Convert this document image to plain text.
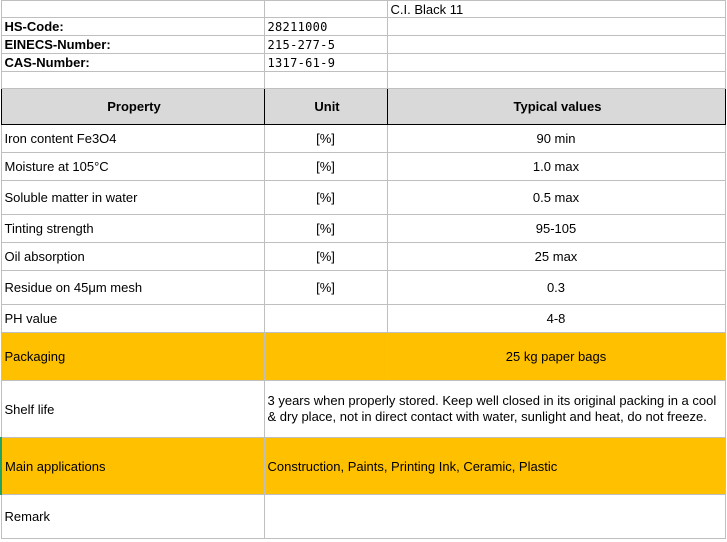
		C.I. Black 11
HS-Code:	28211000	
EINECS-Number:	215-277-5	
CAS-Number:	1317-61-9	

Property	Unit	Typical values
Iron content Fe3O4	[%]	90 min
Moisture at 105°C	[%]	1.0 max
Soluble matter in water	[%]	0.5 max
Tinting strength	[%]	95-105
Oil absorption	[%]	25 max
Residue on 45μm mesh	[%]	0.3
PH value		4-8
Packaging		25 kg paper bags
Shelf life	3 years when properly stored. Keep well closed in its original packing in a cool & dry place, not in direct contact with water, sunlight and heat, do not freeze.	
Main applications	Construction, Paints, Printing Ink, Ceramic, Plastic	
Remark		
